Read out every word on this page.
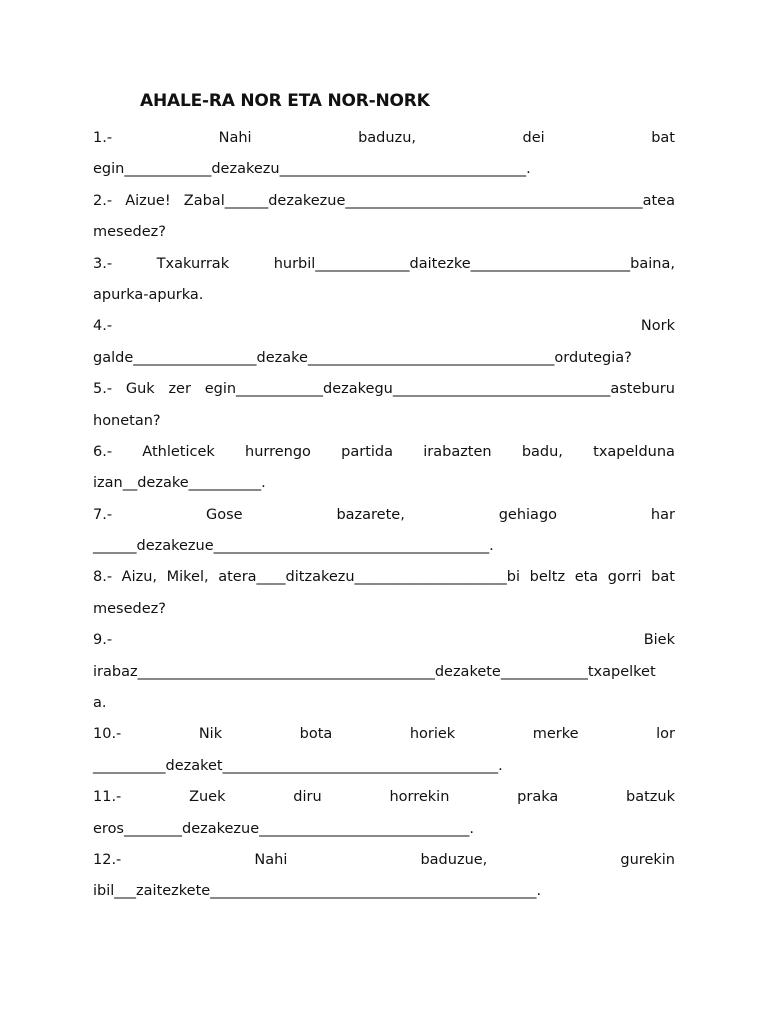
AHALE-RA NOR ETA NOR-NORK
1.-	Nahi	baduzu,	dei	bat
egin____________dezakezu__________________________________.
2.- Aizue! Zabal______dezakezue_________________________________________atea
mesedez?
3.-	Txakurrak	hurbil_____________daitezke______________________baina,
apurka-apurka.
4.-	Nork
galde_________________dezake__________________________________ordutegia?
5.- Guk zer egin____________dezakegu______________________________asteburu
honetan?
6.- Athleticek hurrengo partida irabazten badu, txapelduna
izan__dezake__________.
7.-	Gose	bazarete,	gehiago	har
______dezakezue______________________________________.
8.- Aizu, Mikel, atera____ditzakezu_____________________bi beltz eta gorri bat
mesedez?
9.-	Biek
irabaz_________________________________________dezakete____________txapelket
a.
10.-	Nik	bota	horiek	merke	lor
__________dezaket______________________________________.
11.-	Zuek	diru	horrekin	praka	batzuk
eros________dezakezue_____________________________.
12.-	Nahi	baduzue,	gurekin
ibil___zaitezkete_____________________________________________.
